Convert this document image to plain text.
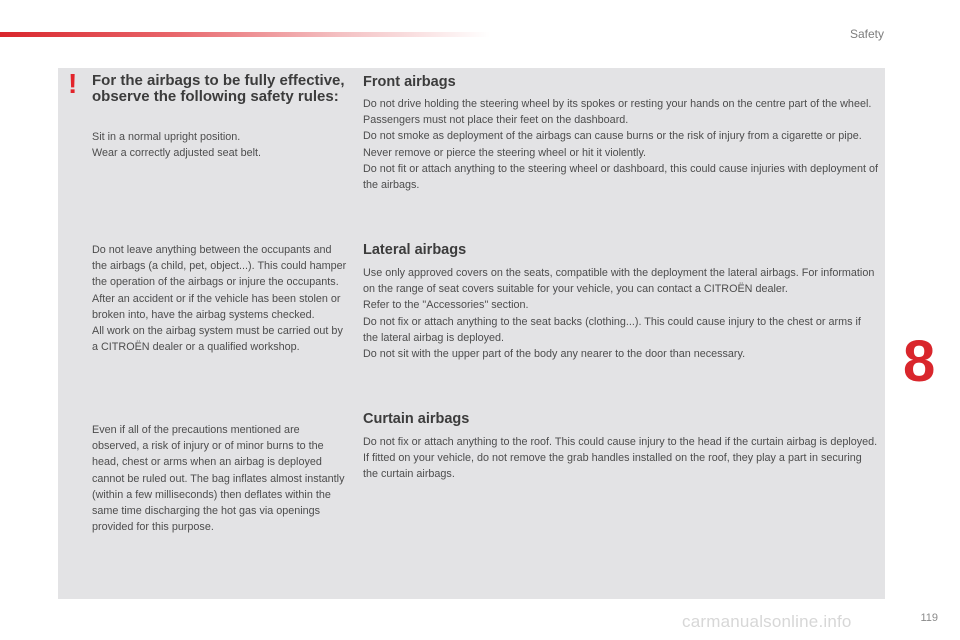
Safety
! For the airbags to be fully effective, observe the following safety rules:

Sit in a normal upright position.
Wear a correctly adjusted seat belt.

Do not leave anything between the occupants and the airbags (a child, pet, object...). This could hamper the operation of the airbags or injure the occupants.
After an accident or if the vehicle has been stolen or broken into, have the airbag systems checked.
All work on the airbag system must be carried out by a CITROËN dealer or a qualified workshop.

Even if all of the precautions mentioned are observed, a risk of injury or of minor burns to the head, chest or arms when an airbag is deployed cannot be ruled out. The bag inflates almost instantly (within a few milliseconds) then deflates within the same time discharging the hot gas via openings provided for this purpose.

Front airbags

Do not drive holding the steering wheel by its spokes or resting your hands on the centre part of the wheel.
Passengers must not place their feet on the dashboard.
Do not smoke as deployment of the airbags can cause burns or the risk of injury from a cigarette or pipe.
Never remove or pierce the steering wheel or hit it violently.
Do not fit or attach anything to the steering wheel or dashboard, this could cause injuries with deployment of the airbags.

Lateral airbags

Use only approved covers on the seats, compatible with the deployment the lateral airbags. For information on the range of seat covers suitable for your vehicle, you can contact a CITROËN dealer.
Refer to the "Accessories" section.
Do not fix or attach anything to the seat backs (clothing...). This could cause injury to the chest or arms if the lateral airbag is deployed.
Do not sit with the upper part of the body any nearer to the door than necessary.

Curtain airbags

Do not fix or attach anything to the roof. This could cause injury to the head if the curtain airbag is deployed.
If fitted on your vehicle, do not remove the grab handles installed on the roof, they play a part in securing the curtain airbags.

8
119
carmanualsonline.info
